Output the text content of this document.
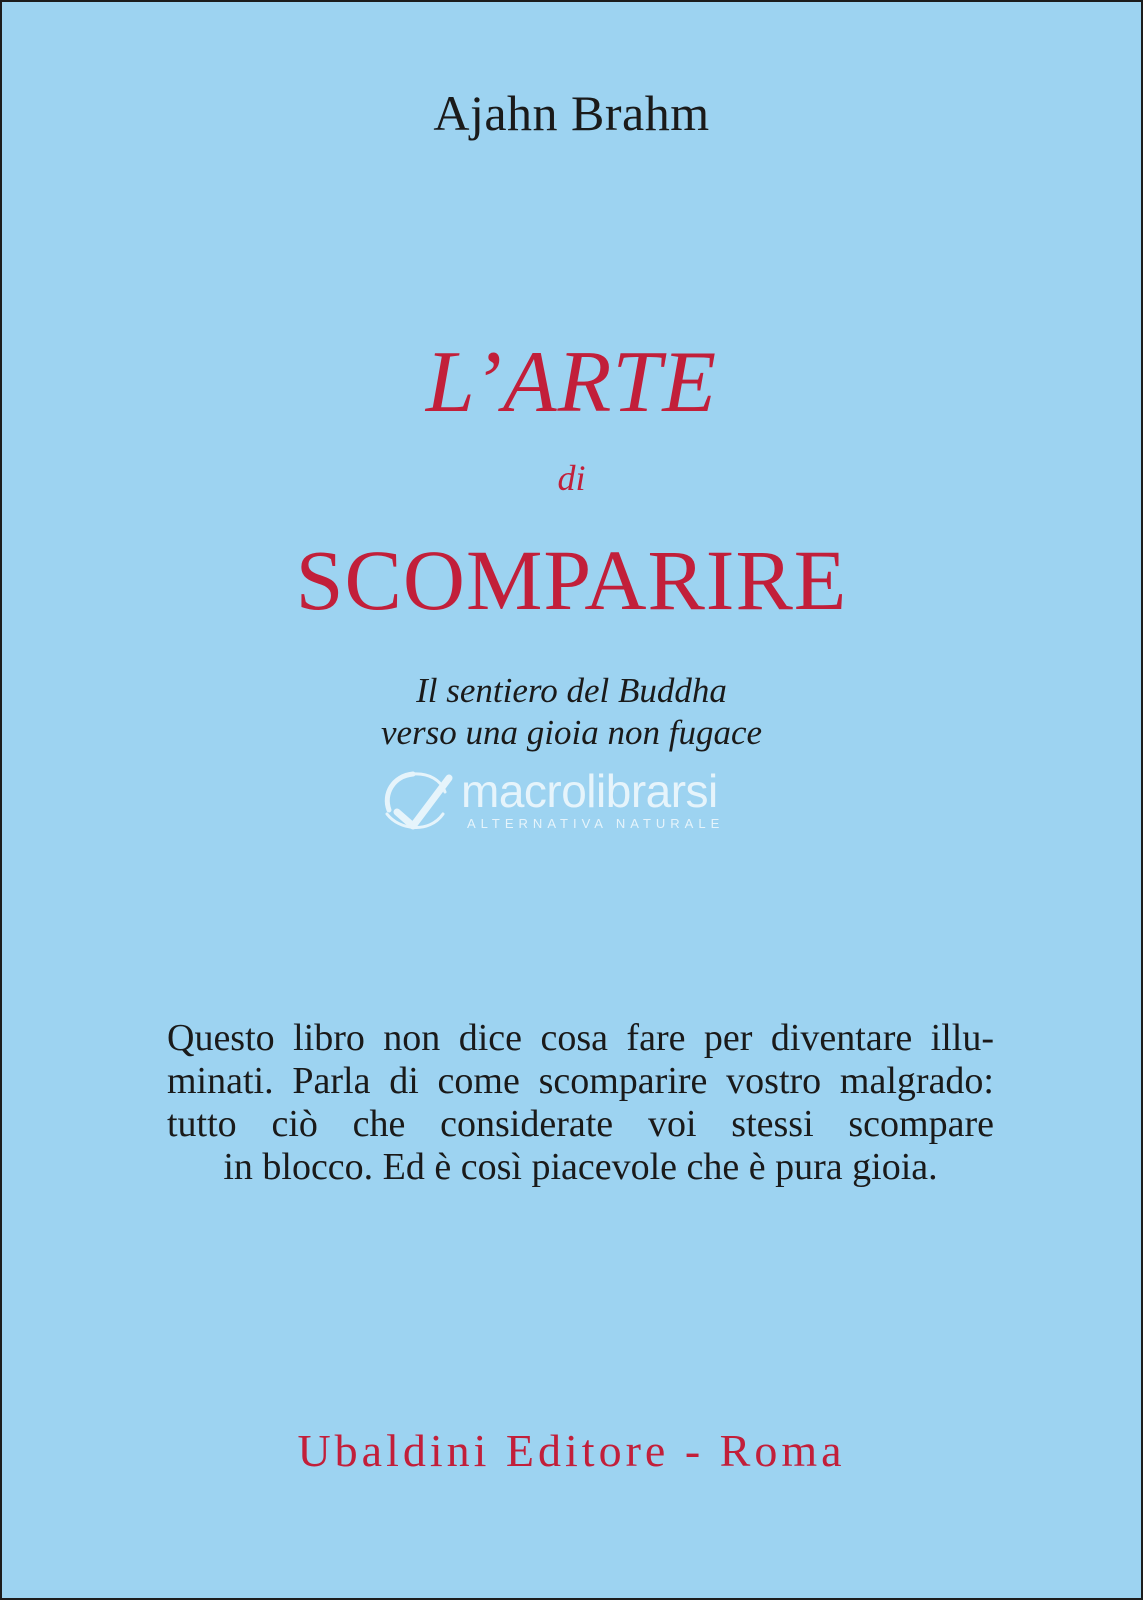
Ajahn Brahm
L’ARTE
di
SCOMPARIRE
Il sentiero del Buddha
verso una gioia non fugace
macrolibrarsi
ALTERNATIVA NATURALE
Questo libro non dice cosa fare per diventare illu-
minati. Parla di come scomparire vostro malgrado:
tutto ciò che considerate voi stessi scompare
in blocco. Ed è così piacevole che è pura gioia.
Ubaldini Editore - Roma
